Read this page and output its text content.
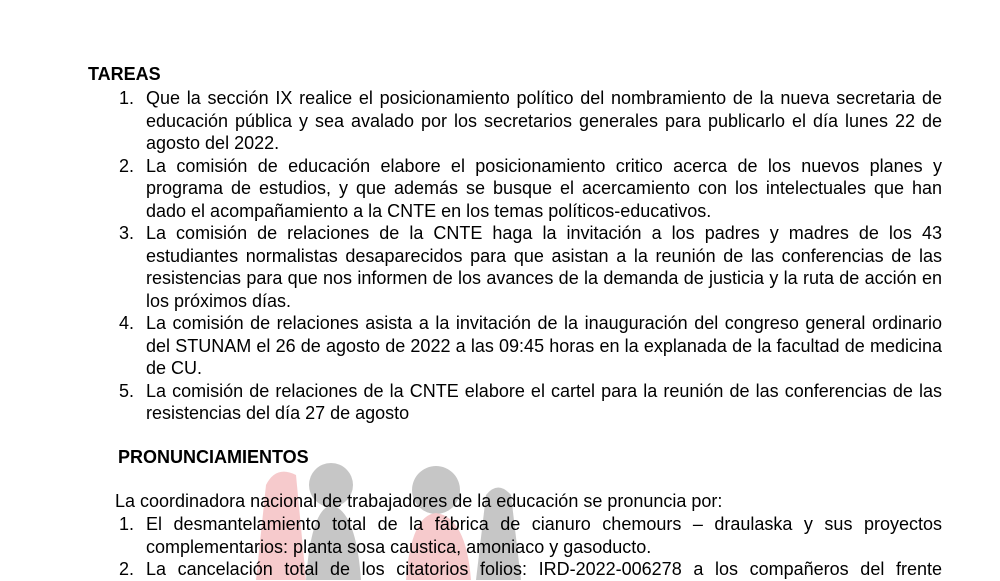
TAREAS
1. Que la sección IX realice el posicionamiento político del nombramiento de la nueva secretaria de educación pública y sea avalado por los secretarios generales para publicarlo el día lunes 22 de agosto del 2022.
2. La comisión de educación elabore el posicionamiento critico acerca de los nuevos planes y programa de estudios, y que además se busque el acercamiento con los intelectuales que han dado el acompañamiento a la CNTE en los temas políticos-educativos.
3. La comisión de relaciones de la CNTE haga la invitación a los padres y madres de los 43 estudiantes normalistas desaparecidos para que asistan a la reunión de las conferencias de las resistencias para que nos informen de los avances de la demanda de justicia y la ruta de acción en los próximos días.
4. La comisión de relaciones asista a la invitación de la inauguración del congreso general ordinario del STUNAM el 26 de agosto de 2022 a las 09:45 horas en la explanada de la facultad de medicina de CU.
5. La comisión de relaciones de la CNTE elabore el cartel para la reunión de las conferencias de las resistencias del día 27 de agosto
PRONUNCIAMIENTOS
La coordinadora nacional de trabajadores de la educación se pronuncia por:
1. El desmantelamiento total de la fábrica de cianuro chemours – draulaska y sus proyectos complementarios: planta sosa caustica, amoniaco y gasoducto.
2. La cancelación total de los citatorios folios: IRD-2022-006278 a los compañeros del frente
